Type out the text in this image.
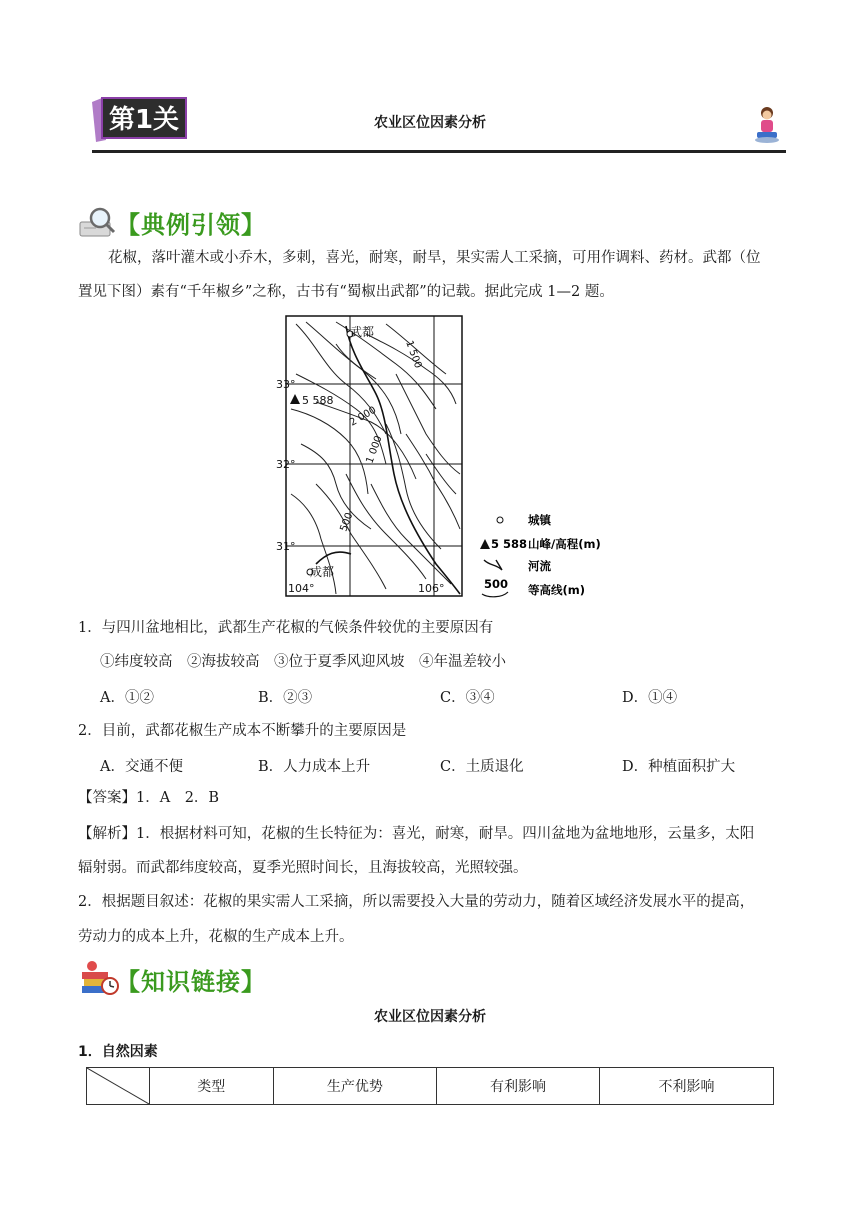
第1关	农业区位因素分析
【典例引领】
花椒，落叶灌木或小乔木，多刺，喜光，耐寒，耐旱，果实需人工采摘，可用作调料、药材。武都（位
置见下图）素有“千年椒乡”之称，古书有“蜀椒出武都”的记载。据此完成 1—2 题。
武都
成都
5 588
33°
32°
31°
104°	106°
1 500
2 000
1 000
500	城镇
5 588 山峰/高程(m)
河流
500 等高线(m)
1．与四川盆地相比，武都生产花椒的气候条件较优的主要原因有
①纬度较高　②海拔较高　③位于夏季风迎风坡　④年温差较小
A．①②	B．②③	C．③④	D．①④
2．目前，武都花椒生产成本不断攀升的主要原因是
A．交通不便	B．人力成本上升	C．土质退化	D．种植面积扩大
【答案】1．A　2．B
【解析】1．根据材料可知，花椒的生长特征为：喜光，耐寒，耐旱。四川盆地为盆地地形，云量多，太阳
辐射弱。而武都纬度较高，夏季光照时间长，且海拔较高，光照较强。
2．根据题目叙述：花椒的果实需人工采摘，所以需要投入大量的劳动力，随着区域经济发展水平的提高，
劳动力的成本上升，花椒的生产成本上升。
【知识链接】
农业区位因素分析
1．自然因素
	类型	生产优势	有利影响	不利影响
